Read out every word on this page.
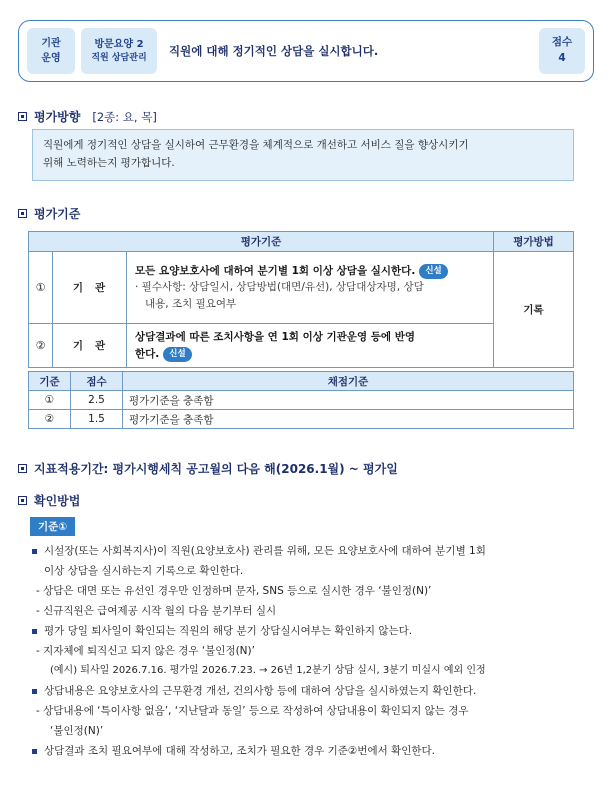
기관
운영
방문요양 2
직원 상담관리
직원에 대해 정기적인 상담을 실시합니다.
점수
4
평가방향 [2종: 요, 목]
직원에게 정기적인 상담을 실시하여 근무환경을 체계적으로 개선하고 서비스 질을 향상시키기
위해 노력하는지 평가합니다.
평가기준
평가기준			평가방법
①	기관	모든 요양보호사에 대하여 분기별 1회 이상 상담을 실시한다. 신설
· 필수사항: 상담일시, 상담방법(대면/유선), 상담대상자명, 상담
내용, 조치 필요여부	기록
②	기관	상담결과에 따른 조치사항을 연 1회 이상 기관운영 등에 반영
한다. 신설	
기준	점수	채점기준
①	2.5	평가기준을 충족함
②	1.5	평가기준을 충족함
지표적용기간: 평가시행세칙 공고월의 다음 해(2026.1월) ~ 평가일
확인방법
기준①
시설장(또는 사회복지사)이 직원(요양보호사) 관리를 위해, 모든 요양보호사에 대하여 분기별 1회
이상 상담을 실시하는지 기록으로 확인한다.
- 상담은 대면 또는 유선인 경우만 인정하며 문자, SNS 등으로 실시한 경우 ‘불인정(N)’
- 신규직원은 급여제공 시작 월의 다음 분기부터 실시
평가 당일 퇴사일이 확인되는 직원의 해당 분기 상담실시여부는 확인하지 않는다.
- 지자체에 퇴직신고 되지 않은 경우 ‘불인정(N)’
(예시) 퇴사일 2026.7.16. 평가일 2026.7.23. → 26년 1,2분기 상담 실시, 3분기 미실시 예외 인정
상담내용은 요양보호사의 근무환경 개선, 건의사항 등에 대하여 상담을 실시하였는지 확인한다.
- 상담내용에 ‘특이사항 없음’, ‘지난달과 동일’ 등으로 작성하여 상담내용이 확인되지 않는 경우
‘불인정(N)’
상담결과 조치 필요여부에 대해 작성하고, 조치가 필요한 경우 기준②번에서 확인한다.
